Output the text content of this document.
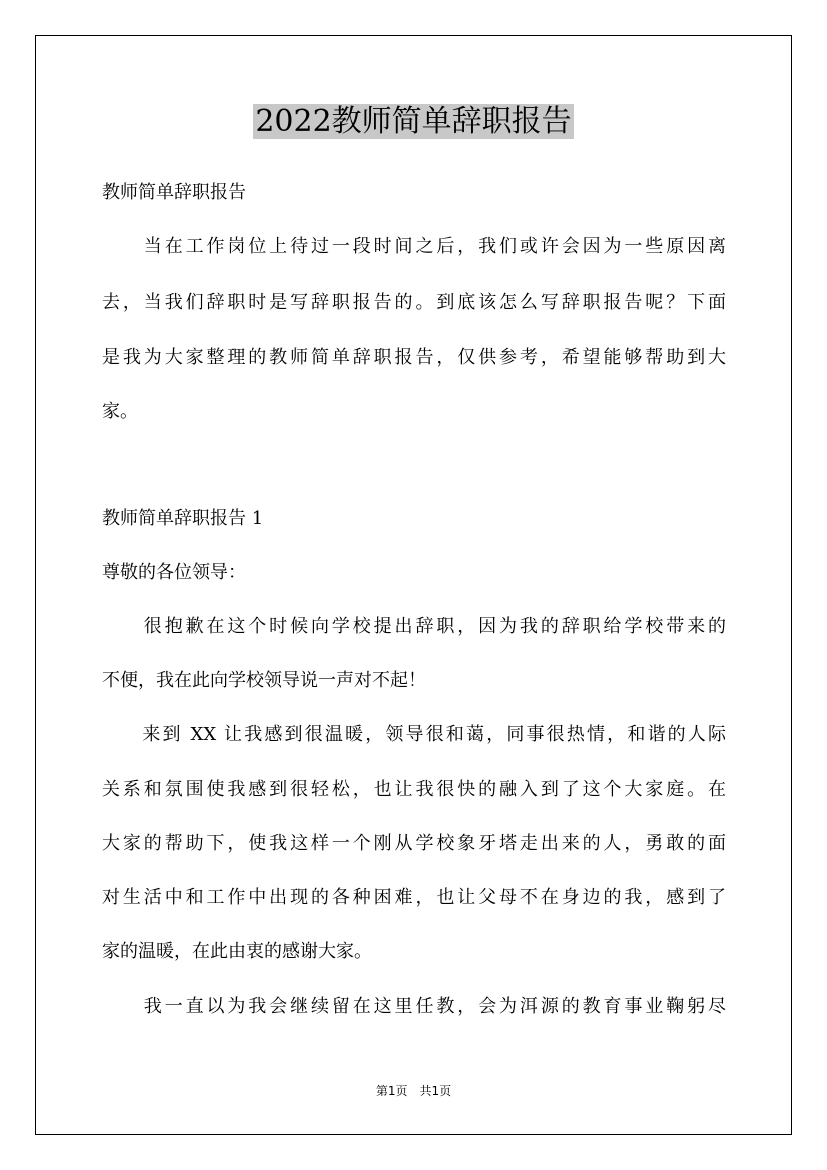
2022教师简单辞职报告
教师简单辞职报告
　　当在工作岗位上待过一段时间之后，我们或许会因为一些原因离
去，当我们辞职时是写辞职报告的。到底该怎么写辞职报告呢？下面
是我为大家整理的教师简单辞职报告，仅供参考，希望能够帮助到大
家。
教师简单辞职报告 1
尊敬的各位领导：
　　很抱歉在这个时候向学校提出辞职，因为我的辞职给学校带来的
不便，我在此向学校领导说一声对不起！
　　来到 XX 让我感到很温暖，领导很和蔼，同事很热情，和谐的人际
关系和氛围使我感到很轻松，也让我很快的融入到了这个大家庭。在
大家的帮助下，使我这样一个刚从学校象牙塔走出来的人，勇敢的面
对生活中和工作中出现的各种困难，也让父母不在身边的我，感到了
家的温暖，在此由衷的感谢大家。
　　我一直以为我会继续留在这里任教，会为洱源的教育事业鞠躬尽
第1页　共1页
